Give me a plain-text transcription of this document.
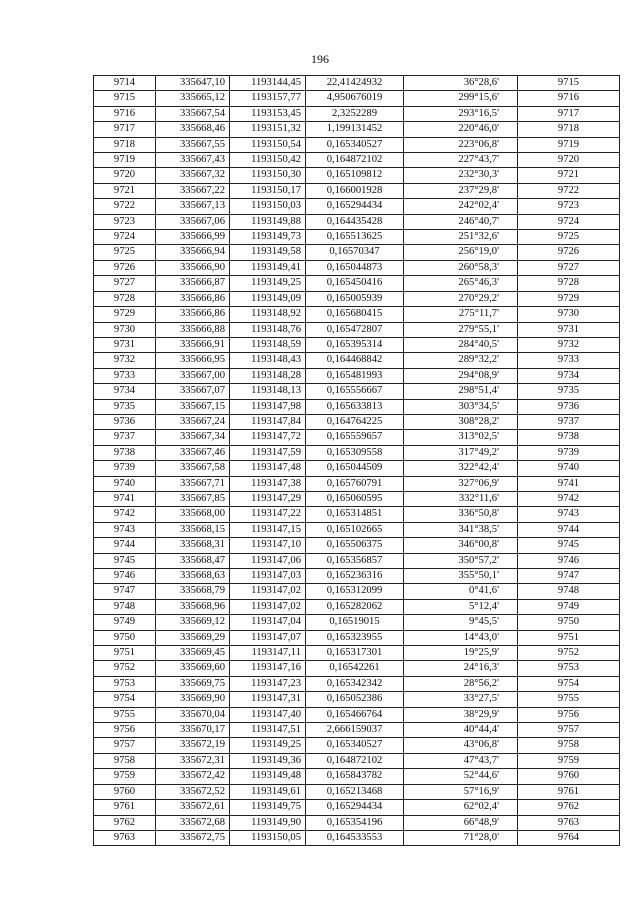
196
9714	335647,10	1193144,45	22,41424932	36°28,6'	9715
9715	335665,12	1193157,77	4,950676019	299°15,6'	9716
9716	335667,54	1193153,45	2,3252289	293°16,5'	9717
9717	335668,46	1193151,32	1,199131452	220°46,0'	9718
9718	335667,55	1193150,54	0,165340527	223°06,8'	9719
9719	335667,43	1193150,42	0,164872102	227°43,7'	9720
9720	335667,32	1193150,30	0,165109812	232°30,3'	9721
9721	335667,22	1193150,17	0,166001928	237°29,8'	9722
9722	335667,13	1193150,03	0,165294434	242°02,4'	9723
9723	335667,06	1193149,88	0,164435428	246°40,7'	9724
9724	335666,99	1193149,73	0,165513625	251°32,6'	9725
9725	335666,94	1193149,58	0,16570347	256°19,0'	9726
9726	335666,90	1193149,41	0,165044873	260°58,3'	9727
9727	335666,87	1193149,25	0,165450416	265°46,3'	9728
9728	335666,86	1193149,09	0,165005939	270°29,2'	9729
9729	335666,86	1193148,92	0,165680415	275°11,7'	9730
9730	335666,88	1193148,76	0,165472807	279°55,1'	9731
9731	335666,91	1193148,59	0,165395314	284°40,5'	9732
9732	335666,95	1193148,43	0,164468842	289°32,2'	9733
9733	335667,00	1193148,28	0,165481993	294°08,9'	9734
9734	335667,07	1193148,13	0,165556667	298°51,4'	9735
9735	335667,15	1193147,98	0,165633813	303°34,5'	9736
9736	335667,24	1193147,84	0,164764225	308°28,2'	9737
9737	335667,34	1193147,72	0,165559657	313°02,5'	9738
9738	335667,46	1193147,59	0,165309558	317°49,2'	9739
9739	335667,58	1193147,48	0,165044509	322°42,4'	9740
9740	335667,71	1193147,38	0,165760791	327°06,9'	9741
9741	335667,85	1193147,29	0,165060595	332°11,6'	9742
9742	335668,00	1193147,22	0,165314851	336°50,8'	9743
9743	335668,15	1193147,15	0,165102665	341°38,5'	9744
9744	335668,31	1193147,10	0,165506375	346°00,8'	9745
9745	335668,47	1193147,06	0,165356857	350°57,2'	9746
9746	335668,63	1193147,03	0,165236316	355°50,1'	9747
9747	335668,79	1193147,02	0,165312099	0°41,6'	9748
9748	335668,96	1193147,02	0,165282062	5°12,4'	9749
9749	335669,12	1193147,04	0,16519015	9°45,5'	9750
9750	335669,29	1193147,07	0,165323955	14°43,0'	9751
9751	335669,45	1193147,11	0,165317301	19°25,9'	9752
9752	335669,60	1193147,16	0,16542261	24°16,3'	9753
9753	335669,75	1193147,23	0,165342342	28°56,2'	9754
9754	335669,90	1193147,31	0,165052386	33°27,5'	9755
9755	335670,04	1193147,40	0,165466764	38°29,9'	9756
9756	335670,17	1193147,51	2,666159037	40°44,4'	9757
9757	335672,19	1193149,25	0,165340527	43°06,8'	9758
9758	335672,31	1193149,36	0,164872102	47°43,7'	9759
9759	335672,42	1193149,48	0,165843782	52°44,6'	9760
9760	335672,52	1193149,61	0,165213468	57°16,9'	9761
9761	335672,61	1193149,75	0,165294434	62°02,4'	9762
9762	335672,68	1193149,90	0,165354196	66°48,9'	9763
9763	335672,75	1193150,05	0,164533553	71°28,0'	9764
